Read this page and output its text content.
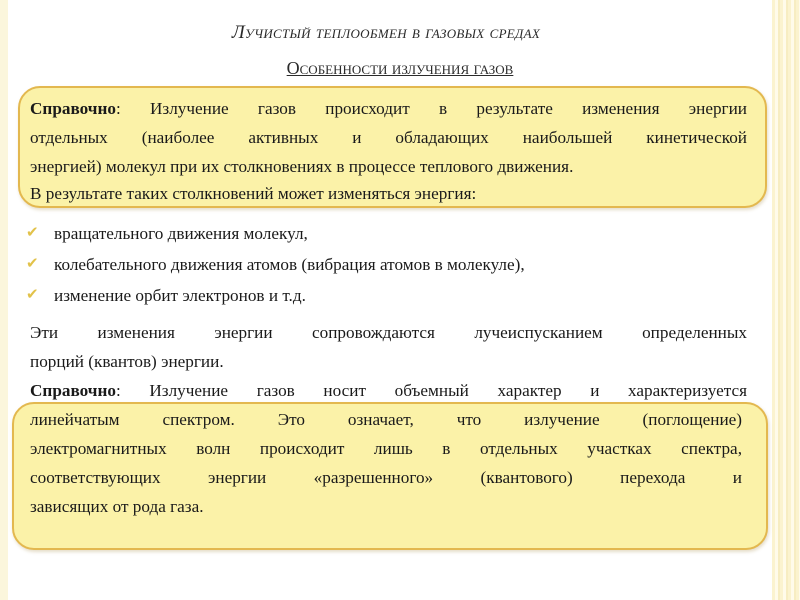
Лучистый теплообмен в газовых средах
Особенности излучения газов
Справочно: Излучение газов происходит в результате изменения энергии
отдельных (наиболее активных и обладающих наибольшей кинетической
энергией) молекул при их столкновениях в процессе теплового движения.
В результате таких столкновений может изменяться энергия:
✔ вращательного движения молекул,
✔ колебательного движения атомов (вибрация атомов в молекуле),
✔ изменение орбит электронов и т.д.
Эти изменения энергии сопровождаются лучеиспусканием определенных
порций (квантов) энергии.
Справочно: Излучение газов носит объемный характер и характеризуется
линейчатым спектром. Это означает, что излучение (поглощение)
электромагнитных волн происходит лишь в отдельных участках спектра,
соответствующих энергии «разрешенного» (квантового) перехода и
зависящих от рода газа.
